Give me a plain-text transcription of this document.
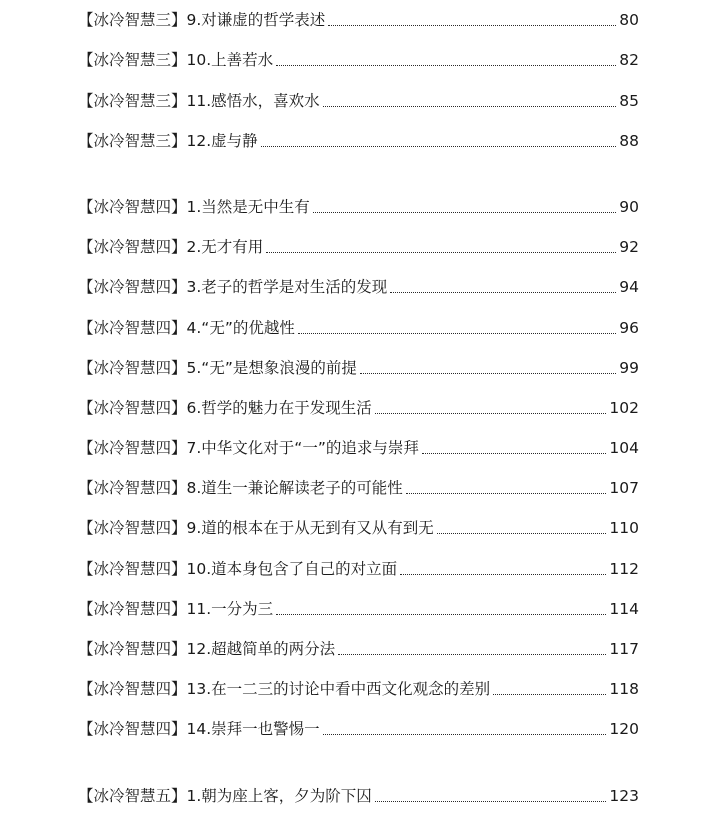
【冰冷智慧三】 9.对谦虚的哲学表述	80
【冰冷智慧三】 10.上善若水	82
【冰冷智慧三】 11.感悟水，喜欢水	85
【冰冷智慧三】 12.虚与静	88
【冰冷智慧四】 1.当然是无中生有	90
【冰冷智慧四】 2.无才有用	92
【冰冷智慧四】 3.老子的哲学是对生活的发现	94
【冰冷智慧四】 4.“无”的优越性	96
【冰冷智慧四】 5.“无”是想象浪漫的前提	99
【冰冷智慧四】 6.哲学的魅力在于发现生活	102
【冰冷智慧四】 7.中华文化对于“一”的追求与崇拜	104
【冰冷智慧四】 8.道生一兼论解读老子的可能性	107
【冰冷智慧四】 9.道的根本在于从无到有又从有到无	110
【冰冷智慧四】 10.道本身包含了自己的对立面	112
【冰冷智慧四】 11.一分为三	114
【冰冷智慧四】 12.超越简单的两分法	117
【冰冷智慧四】 13.在一二三的讨论中看中西文化观念的差别	118
【冰冷智慧四】 14.崇拜一也警惕一	120
【冰冷智慧五】 1.朝为座上客，夕为阶下囚	123
